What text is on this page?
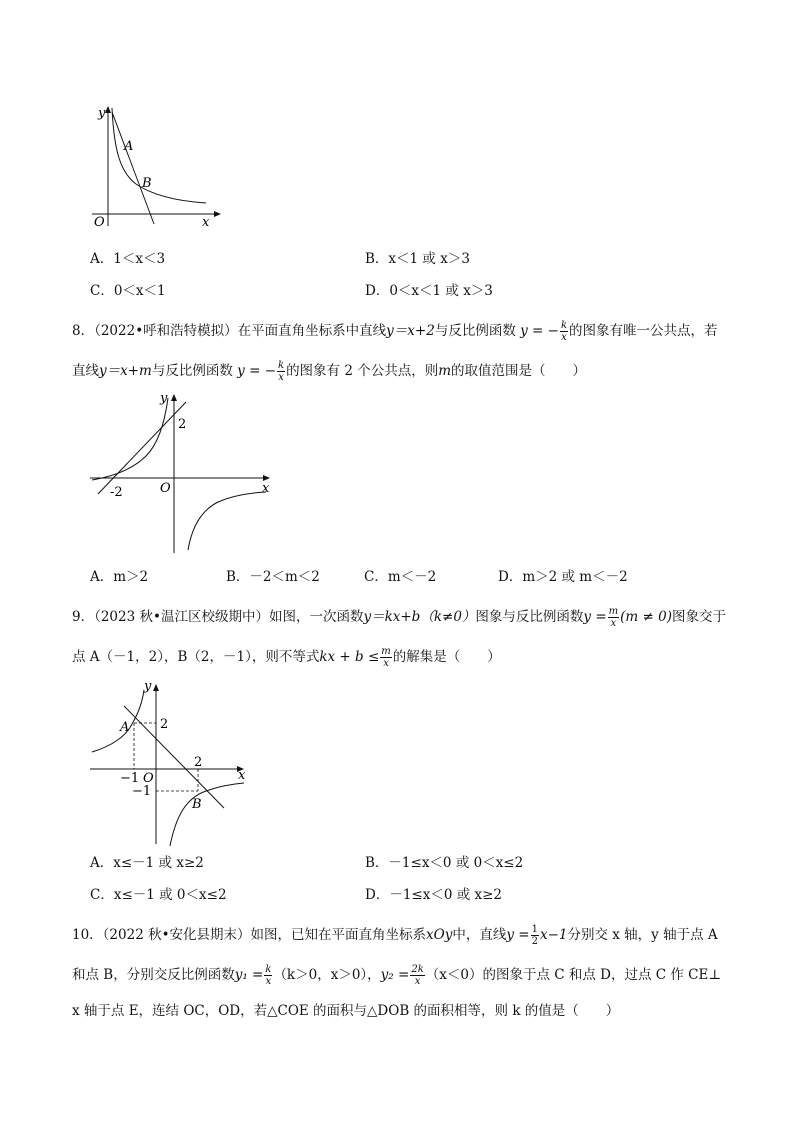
y
A
B
O	x
A．1＜x＜3	B．x＜1 或 x＞3
C．0＜x＜1	D．0＜x＜1 或 x＞3
8．（2022•呼和浩特模拟）在平面直角坐标系中直线y＝x+2与反比例函数 y = − $\frac{k}{x}$ 的图象有唯一公共点，若
直线y＝x+m与反比例函数 y = − $\frac{k}{x}$ 的图象有 2 个公共点，则m的取值范围是（　　）
y
2
-2	O	x
A．m＞2	B．－2＜m＜2	C．m＜－2	D．m＞2 或 m＜－2
9．（2023 秋•温江区校级期中）如图，一次函数y＝kx+b（k≠0）图象与反比例函数$y = \frac{m}{x} (m \ne 0)$图象交于
点 A（－1，2），B（2，－1），则不等式kx + $b \le \frac{m}{x}$ 的解集是（　　）
y
A 2
2
−1 O	x
−1
B
A．x≤－1 或 x≥2	B．－1≤x＜0 或 0＜x≤2
C．x≤－1 或 0＜x≤2	D．－1≤x＜0 或 x≥2
10．（2022 秋•安化县期末）如图，已知在平面直角坐标系xOy中，直线$y = \frac{1}{2} x-1$分别交 x 轴，y 轴于点 A
和点 B，分别交反比例函数$y_1 = \frac{k}{x} (k>0$，x＞0），$y_2 = \frac{2k}{x} (x<0)$的图象于点 C 和点 D，过点 C 作 CE⊥
x 轴于点 E，连结 OC，OD，若△COE 的面积与△DOB 的面积相等，则 k 的值是（　　）
